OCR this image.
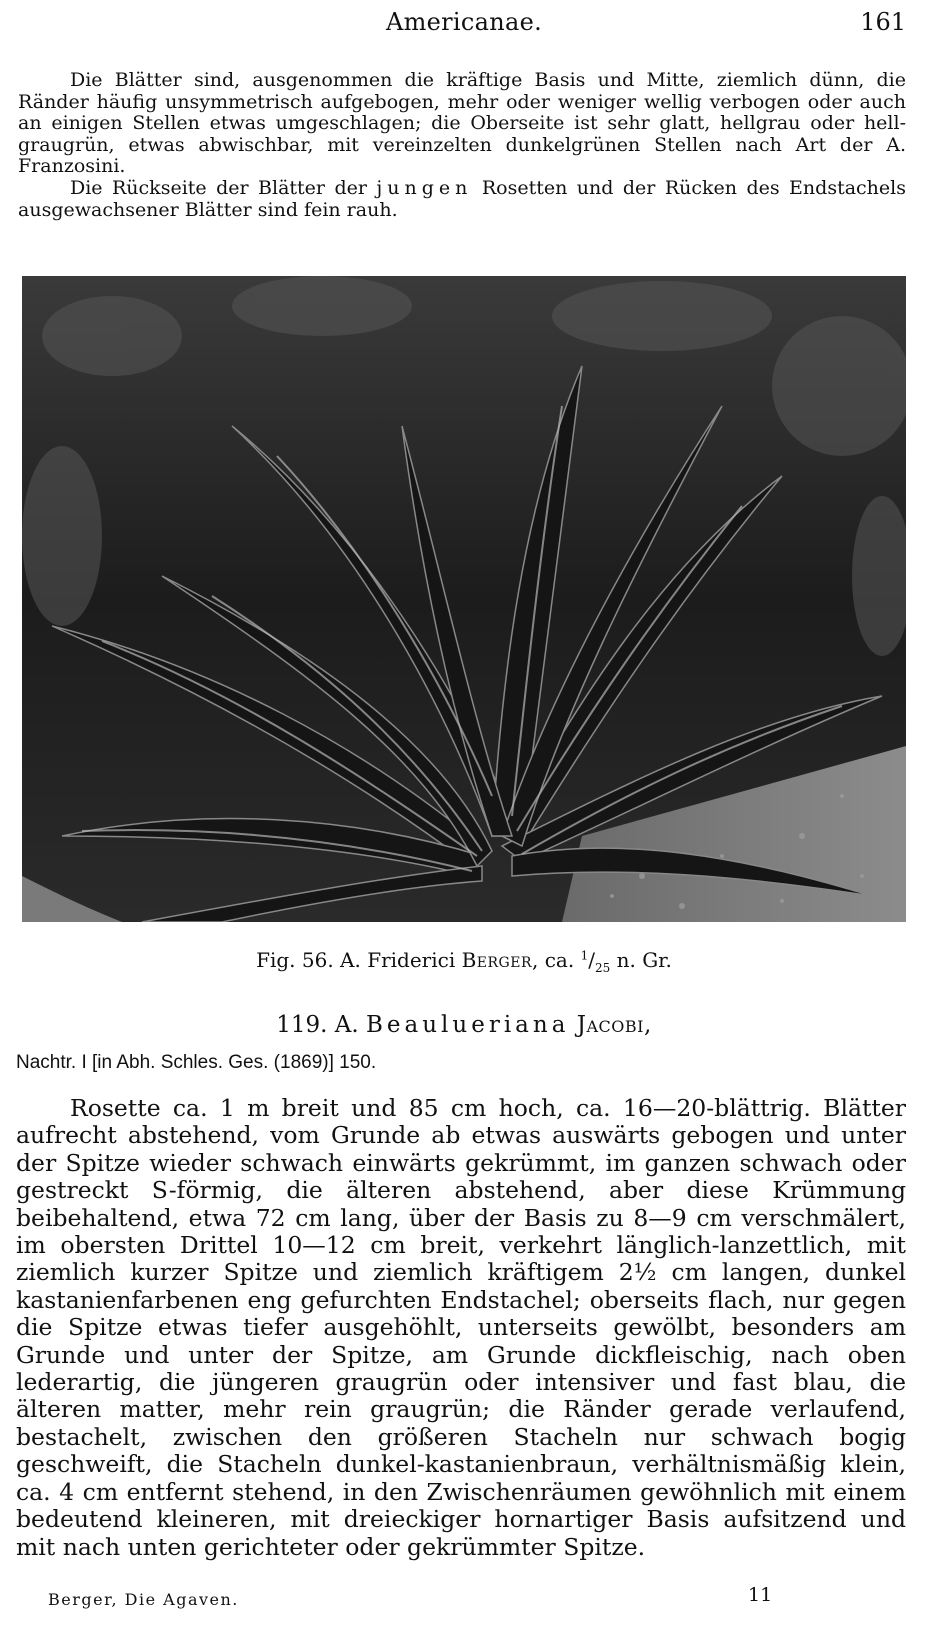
Americanae.	161
Die Blätter sind, ausgenommen die kräftige Basis und Mitte, ziemlich dünn, die Ränder häufig unsymmetrisch aufgebogen, mehr oder weniger wellig verbogen oder auch an einigen Stellen etwas umgeschlagen; die Oberseite ist sehr glatt, hellgrau oder hell-graugrün, etwas abwischbar, mit vereinzelten dunkelgrünen Stellen nach Art der A. Franzosini.
Die Rückseite der Blätter der jungen Rosetten und der Rücken des Endstachels ausgewachsener Blätter sind fein rauh.
Fig. 56. A. Friderici Berger, ca. $^1/_{25}$ n. Gr.
119. A. Beaulueriana Jacobi,
Nachtr. I [in Abh. Schles. Ges. (1869)] 150.
Rosette ca. 1 m breit und 85 cm hoch, ca. 16—20-blättrig. Blätter aufrecht abstehend, vom Grunde ab etwas auswärts gebogen und unter der Spitze wieder schwach einwärts gekrümmt, im ganzen schwach oder gestreckt S-förmig, die älteren abstehend, aber diese Krümmung beibehaltend, etwa 72 cm lang, über der Basis zu 8—9 cm verschmälert, im obersten Drittel 10—12 cm breit, verkehrt länglich-lanzettlich, mit ziemlich kurzer Spitze und ziemlich kräftigem 2½ cm langen, dunkel kastanienfarbenen eng gefurchten Endstachel; oberseits flach, nur gegen die Spitze etwas tiefer ausgehöhlt, unterseits gewölbt, besonders am Grunde und unter der Spitze, am Grunde dickfleischig, nach oben lederartig, die jüngeren graugrün oder intensiver und fast blau, die älteren matter, mehr rein graugrün; die Ränder gerade verlaufend, bestachelt, zwischen den größeren Stacheln nur schwach bogig geschweift, die Stacheln dunkel-kastanienbraun, verhältnismäßig klein, ca. 4 cm entfernt stehend, in den Zwischenräumen gewöhnlich mit einem bedeutend kleineren, mit dreieckiger hornartiger Basis aufsitzend und mit nach unten gerichteter oder gekrümmter Spitze.
Berger, Die Agaven.	11
